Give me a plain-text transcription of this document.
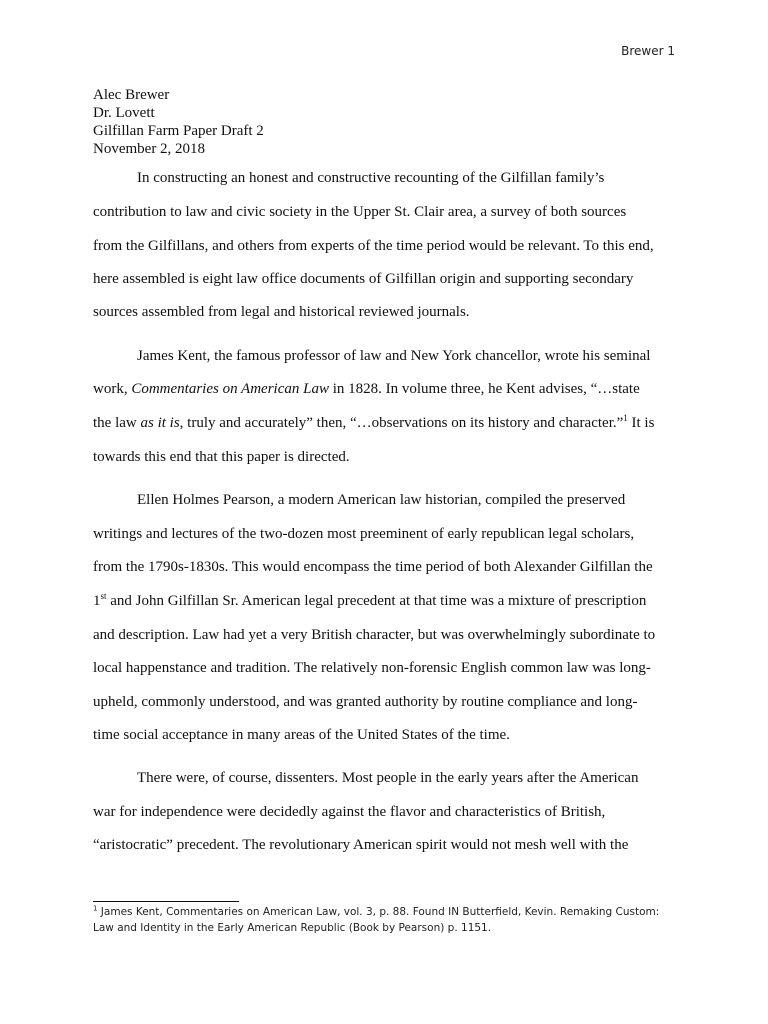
Brewer 1
Alec Brewer
Dr. Lovett
Gilfillan Farm Paper Draft 2
November 2, 2018
In constructing an honest and constructive recounting of the Gilfillan family’s
contribution to law and civic society in the Upper St. Clair area, a survey of both sources
from the Gilfillans, and others from experts of the time period would be relevant. To this end,
here assembled is eight law office documents of Gilfillan origin and supporting secondary
sources assembled from legal and historical reviewed journals.
James Kent, the famous professor of law and New York chancellor, wrote his seminal
work, Commentaries on American Law in 1828. In volume three, he Kent advises, “…state
the law as it is, truly and accurately” then, “…observations on its history and character.”$^1$ It is
towards this end that this paper is directed.
Ellen Holmes Pearson, a modern American law historian, compiled the preserved
writings and lectures of the two-dozen most preeminent of early republican legal scholars,
from the 1790s-1830s. This would encompass the time period of both Alexander Gilfillan the
1st and John Gilfillan Sr. American legal precedent at that time was a mixture of prescription
and description. Law had yet a very British character, but was overwhelmingly subordinate to
local happenstance and tradition. The relatively non-forensic English common law was long-
upheld, commonly understood, and was granted authority by routine compliance and long-
time social acceptance in many areas of the United States of the time.
There were, of course, dissenters. Most people in the early years after the American
war for independence were decidedly against the flavor and characteristics of British,
“aristocratic” precedent. The revolutionary American spirit would not mesh well with the
$^1$ James Kent, Commentaries on American Law, vol. 3, p. 88. Found IN Butterfield, Kevin. Remaking Custom:
Law and Identity in the Early American Republic (Book by Pearson) p. 1151.
